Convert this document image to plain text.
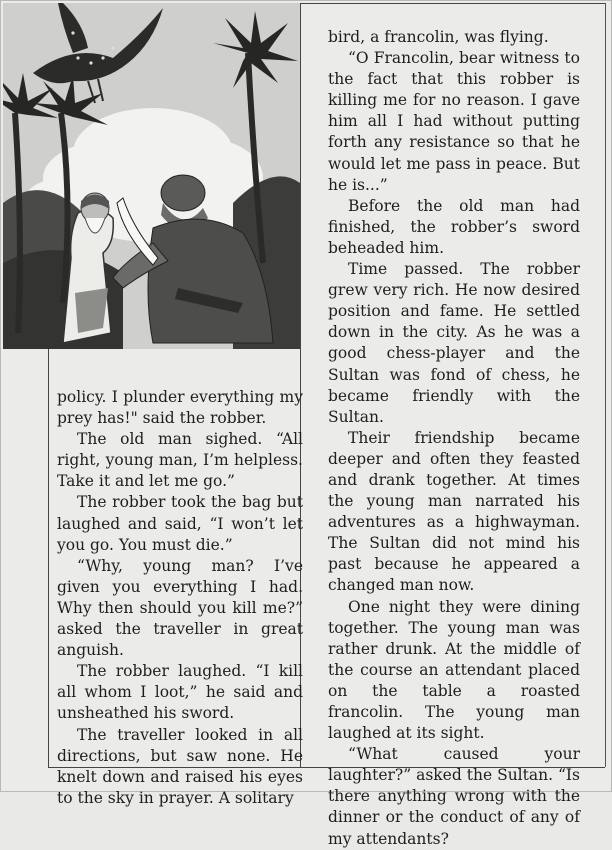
policy. I plunder everything my prey has!" said the robber.

The old man sighed. “All right, young man, I’m helpless. Take it and let me go.”

The robber took the bag but laughed and said, “I won’t let you go. You must die.”

“Why, young man? I’ve given you everything I had. Why then should you kill me?” asked the traveller in great anguish.

The robber laughed. “I kill all whom I loot,” he said and unsheathed his sword.

The traveller looked in all directions, but saw none. He knelt down and raised his eyes to the sky in prayer. A solitary

bird, a francolin, was flying.

“O Francolin, bear witness to the fact that this robber is killing me for no reason. I gave him all I had without putting forth any resistance so that he would let me pass in peace. But he is...”

Before the old man had finished, the robber’s sword beheaded him.

Time passed. The robber grew very rich. He now desired position and fame. He settled down in the city. As he was a good chess-player and the Sultan was fond of chess, he became friendly with the Sultan.

Their friendship became deeper and often they feasted and drank together. At times the young man narrated his adventures as a highwayman. The Sultan did not mind his past because he appeared a changed man now.

One night they were dining together. The young man was rather drunk. At the middle of the course an attendant placed on the table a roasted francolin. The young man laughed at its sight.

“What caused your laughter?” asked the Sultan. “Is there anything wrong with the dinner or the conduct of any of my attendants?
